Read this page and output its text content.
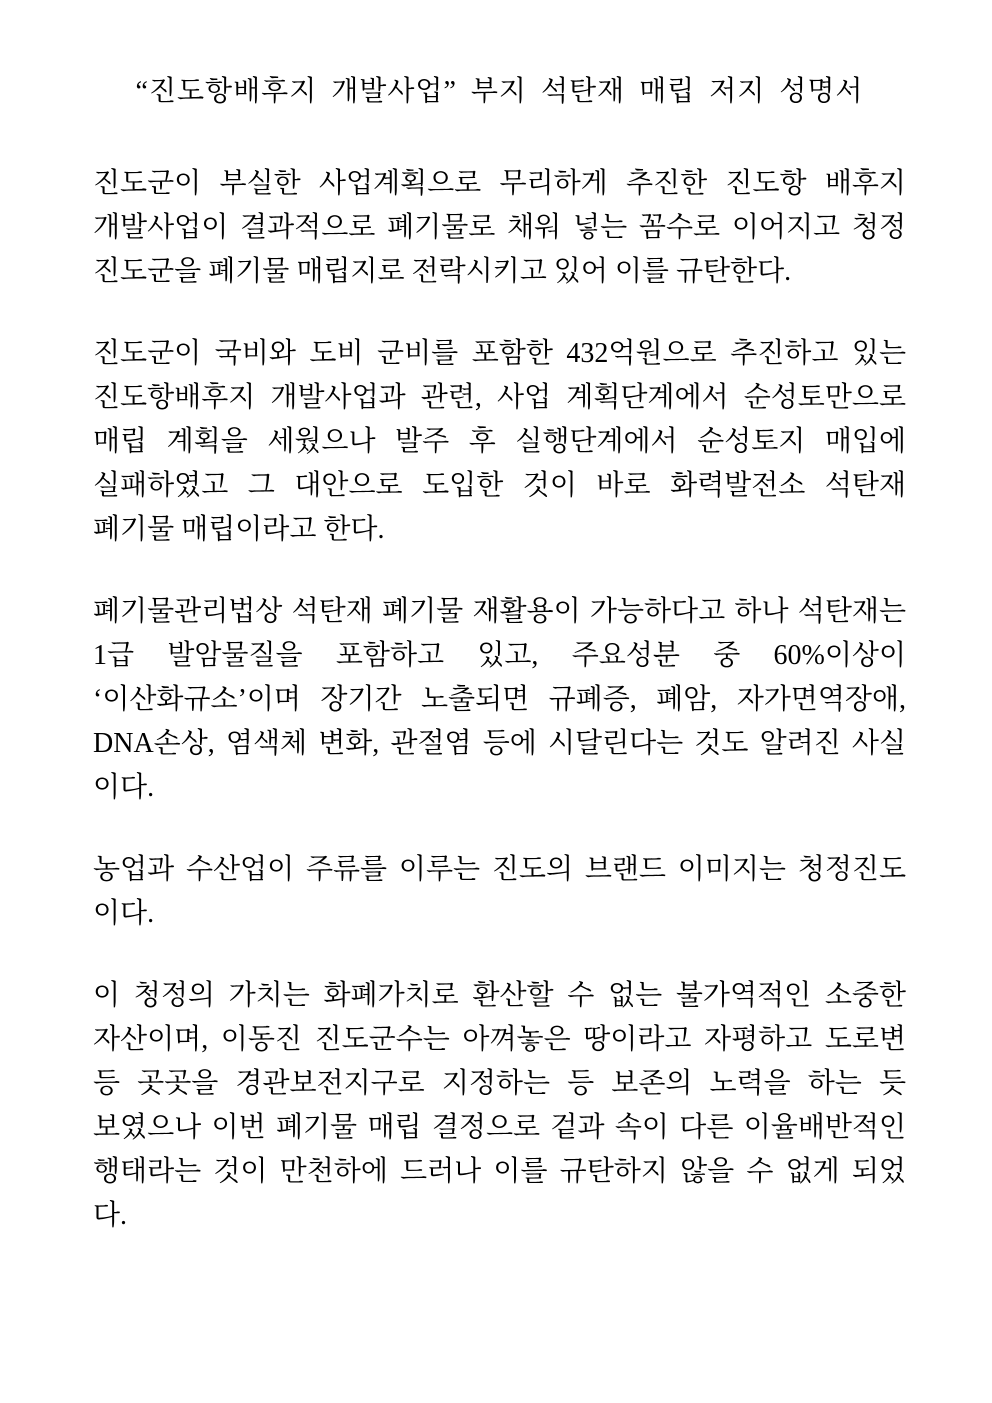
“진도항배후지 개발사업” 부지 석탄재 매립 저지 성명서
진도군이 부실한 사업계획으로 무리하게 추진한 진도항 배후지
개발사업이 결과적으로 폐기물로 채워 넣는 꼼수로 이어지고 청정
진도군을 폐기물 매립지로 전락시키고 있어 이를 규탄한다.
진도군이 국비와 도비 군비를 포함한 432억원으로 추진하고 있는
진도항배후지 개발사업과 관련, 사업 계획단계에서 순성토만으로
매립 계획을 세웠으나 발주 후 실행단계에서 순성토지 매입에
실패하였고 그 대안으로 도입한 것이 바로 화력발전소 석탄재
폐기물 매립이라고 한다.
폐기물관리법상 석탄재 폐기물 재활용이 가능하다고 하나 석탄재는
1급 발암물질을 포함하고 있고, 주요성분 중 60%이상이
‘이산화규소’이며 장기간 노출되면 규폐증, 폐암, 자가면역장애,
DNA손상, 염색체 변화, 관절염 등에 시달린다는 것도 알려진 사실
이다.
농업과 수산업이 주류를 이루는 진도의 브랜드 이미지는 청정진도
이다.
이 청정의 가치는 화폐가치로 환산할 수 없는 불가역적인 소중한
자산이며, 이동진 진도군수는 아껴놓은 땅이라고 자평하고 도로변
등 곳곳을 경관보전지구로 지정하는 등 보존의 노력을 하는 듯
보였으나 이번 폐기물 매립 결정으로 겉과 속이 다른 이율배반적인
행태라는 것이 만천하에 드러나 이를 규탄하지 않을 수 없게 되었
다.
